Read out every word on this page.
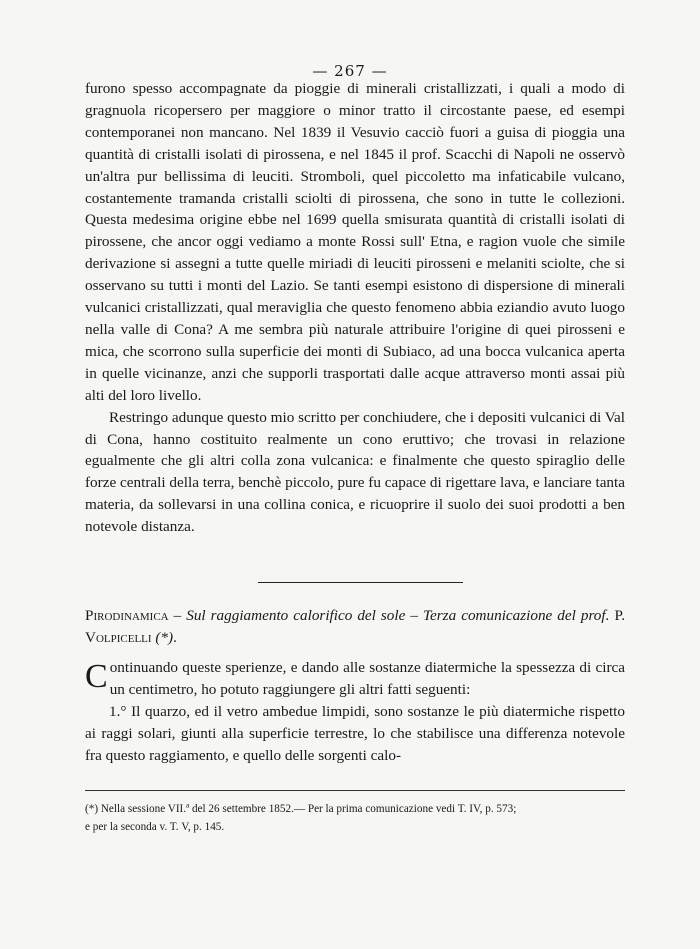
— 267 —

furono spesso accompagnate da pioggie di minerali cristallizzati, i quali a modo di gragnuola ricopersero per maggiore o minor tratto il circostante paese, ed esempi contemporanei non mancano. Nel 1839 il Vesuvio cacciò fuori a guisa di pioggia una quantità di cristalli isolati di pirossena, e nel 1845 il prof. Scacchi di Napoli ne osservò un'altra pur bellissima di leuciti. Stromboli, quel piccoletto ma infaticabile vulcano, costantemente tramanda cristalli sciolti di pirossena, che sono in tutte le collezioni. Questa medesima origine ebbe nel 1699 quella smisurata quantità di cristalli isolati di pirossene, che ancor oggi vediamo a monte Rossi sull' Etna, e ragion vuole che simile derivazione si assegni a tutte quelle miriadi di leuciti pirosseni e melaniti sciolte, che si osservano su tutti i monti del Lazio. Se tanti esempi esistono di dispersione di minerali vulcanici cristallizzati, qual meraviglia che questo fenomeno abbia eziandio avuto luogo nella valle di Cona? A me sembra più naturale attribuire l'origine di quei pirosseni e mica, che scorrono sulla superficie dei monti di Subiaco, ad una bocca vulcanica aperta in quelle vicinanze, anzi che supporli trasportati dalle acque attraverso monti assai più alti del loro livello.

Restringo adunque questo mio scritto per conchiudere, che i depositi vulcanici di Val di Cona, hanno costituito realmente un cono eruttivo; che trovasi in relazione egualmente che gli altri colla zona vulcanica: e finalmente che questo spiraglio delle forze centrali della terra, benchè piccolo, pure fu capace di rigettare lava, e lanciare tanta materia, da sollevarsi in una collina conica, e ricuoprire il suolo dei suoi prodotti a ben notevole distanza.

Pirodinamica – Sul raggiamento calorifico del sole – Terza comunicazione del prof. P. Volpicelli (*).

Continuando queste sperienze, e dando alle sostanze diatermiche la spessezza di circa un centimetro, ho potuto raggiungere gli altri fatti seguenti:

1.° Il quarzo, ed il vetro ambedue limpidi, sono sostanze le più diatermiche rispetto ai raggi solari, giunti alla superficie terrestre, lo che stabilisce una differenza notevole fra questo raggiamento, e quello delle sorgenti calo-

(*) Nella sessione VII.ª del 26 settembre 1852.— Per la prima comunicazione vedi T. IV, p. 573;
e per la seconda v. T. V, p. 145.
